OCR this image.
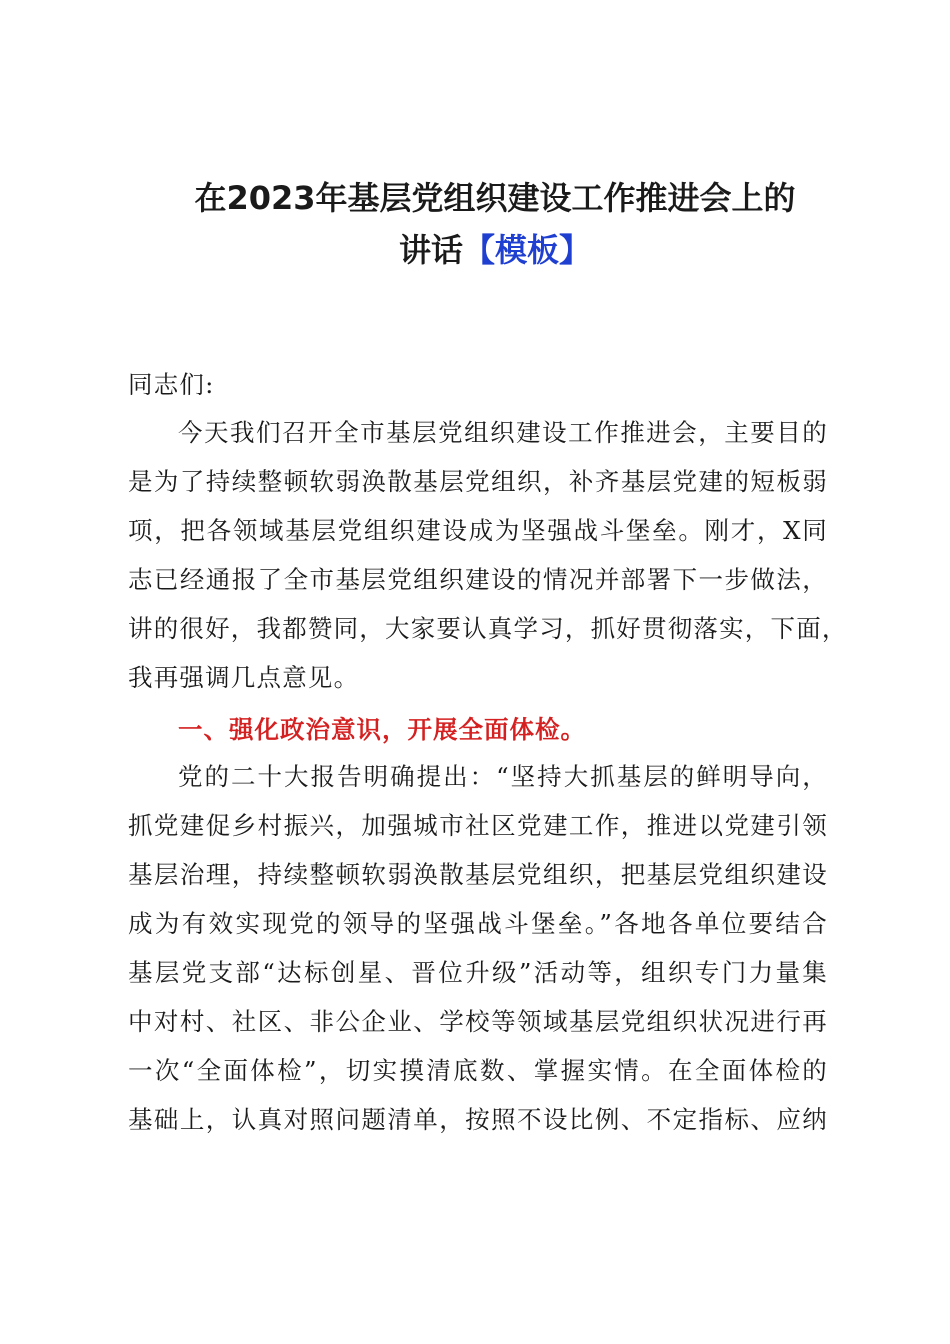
在2023年基层党组织建设工作推进会上的
讲话【模板】
同志们:
今天我们召开全市基层党组织建设工作推进会，主要目的
是为了持续整顿软弱涣散基层党组织，补齐基层党建的短板弱
项，把各领域基层党组织建设成为坚强战斗堡垒。刚才，X同
志已经通报了全市基层党组织建设的情况并部署下一步做法，
讲的很好，我都赞同，大家要认真学习，抓好贯彻落实，下面，
我再强调几点意见。
一、强化政治意识，开展全面体检。
党的二十大报告明确提出：“坚持大抓基层的鲜明导向，
抓党建促乡村振兴，加强城市社区党建工作，推进以党建引领
基层治理，持续整顿软弱涣散基层党组织，把基层党组织建设
成为有效实现党的领导的坚强战斗堡垒。”各地各单位要结合
基层党支部“达标创星、晋位升级”活动等，组织专门力量集
中对村、社区、非公企业、学校等领域基层党组织状况进行再
一次“全面体检”，切实摸清底数、掌握实情。在全面体检的
基础上，认真对照问题清单，按照不设比例、不定指标、应纳
